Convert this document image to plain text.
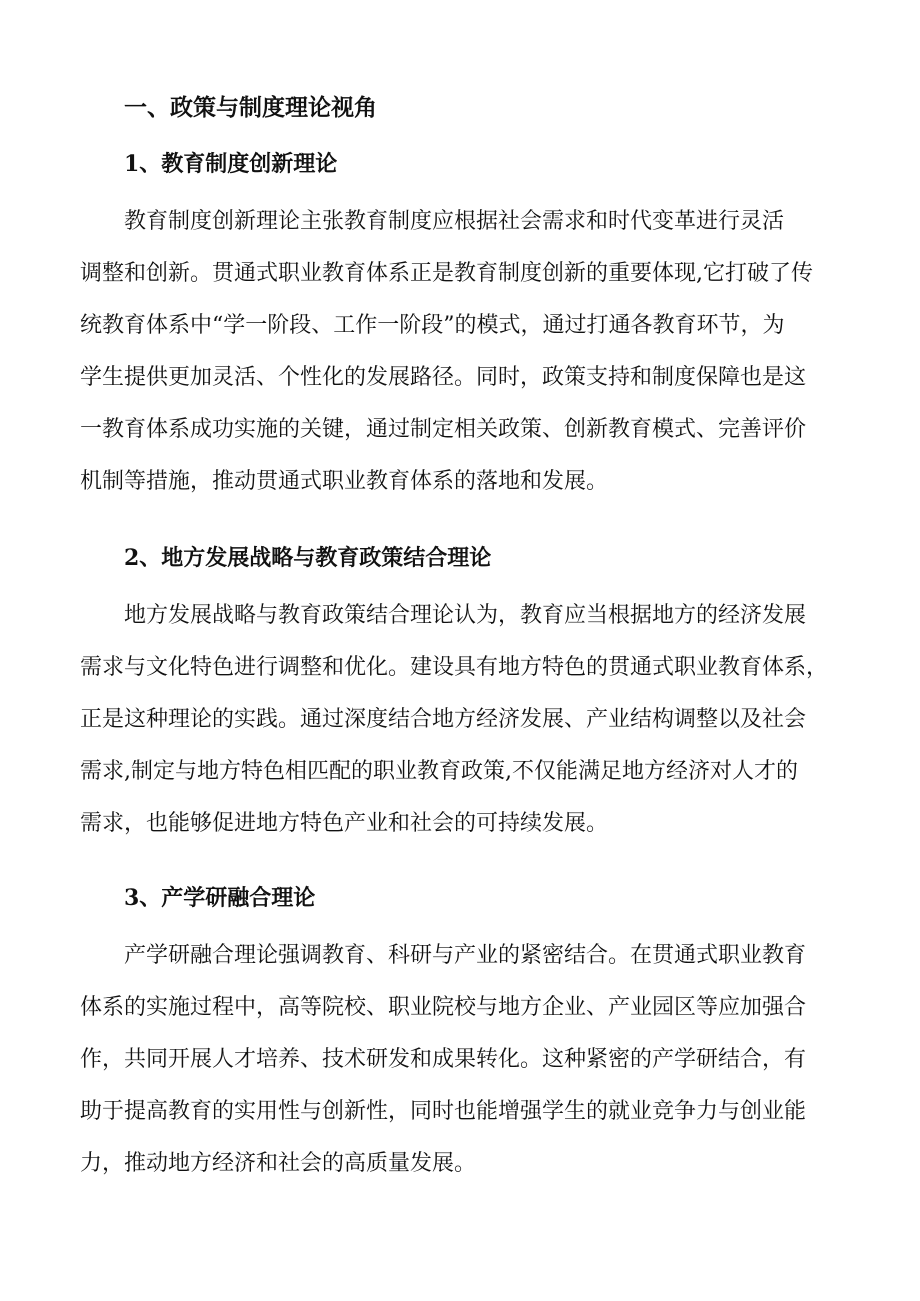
一、政策与制度理论视角
1、教育制度创新理论
教育制度创新理论主张教育制度应根据社会需求和时代变革进行灵活
调整和创新。贯通式职业教育体系正是教育制度创新的重要体现,它打破了传
统教育体系中“学一阶段、工作一阶段”的模式，通过打通各教育环节，为
学生提供更加灵活、个性化的发展路径。同时，政策支持和制度保障也是这
一教育体系成功实施的关键，通过制定相关政策、创新教育模式、完善评价
机制等措施，推动贯通式职业教育体系的落地和发展。
2、地方发展战略与教育政策结合理论
地方发展战略与教育政策结合理论认为，教育应当根据地方的经济发展
需求与文化特色进行调整和优化。建设具有地方特色的贯通式职业教育体系，
正是这种理论的实践。通过深度结合地方经济发展、产业结构调整以及社会
需求,制定与地方特色相匹配的职业教育政策,不仅能满足地方经济对人才的
需求，也能够促进地方特色产业和社会的可持续发展。
3、产学研融合理论
产学研融合理论强调教育、科研与产业的紧密结合。在贯通式职业教育
体系的实施过程中，高等院校、职业院校与地方企业、产业园区等应加强合
作，共同开展人才培养、技术研发和成果转化。这种紧密的产学研结合，有
助于提高教育的实用性与创新性，同时也能增强学生的就业竞争力与创业能
力，推动地方经济和社会的高质量发展。
